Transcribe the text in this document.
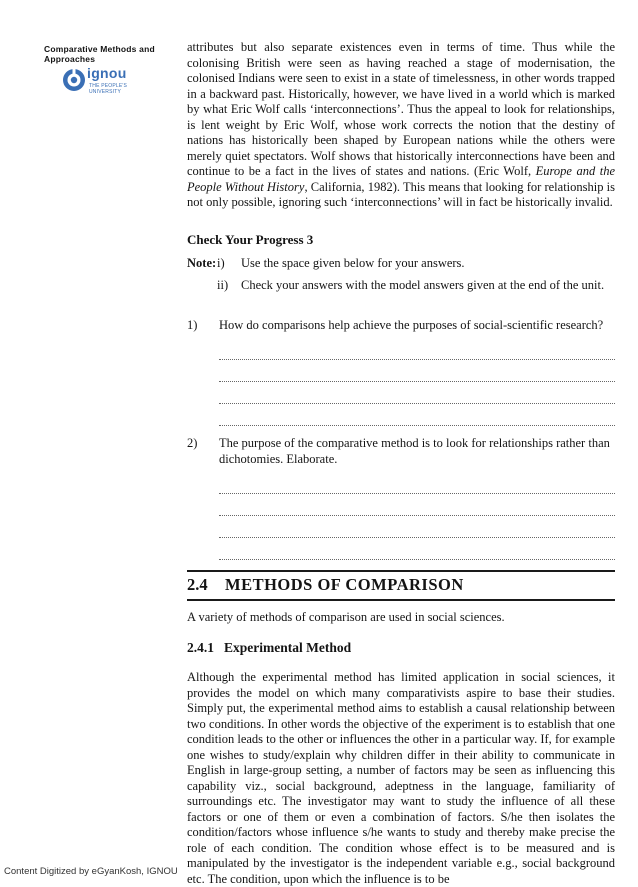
Comparative Methods and Approaches
ignou
THE PEOPLE'S
UNIVERSITY

attributes but also separate existences even in terms of time. Thus while the colonising British were seen as having reached a stage of modernisation, the colonised Indians were seen to exist in a state of timelessness, in other words trapped in a backward past. Historically, however, we have lived in a world which is marked by what Eric Wolf calls ‘interconnections’. Thus the appeal to look for relationships, is lent weight by Eric Wolf, whose work corrects the notion that the destiny of nations has historically been shaped by European nations while the others were merely quiet spectators. Wolf shows that historically interconnections have been and continue to be a fact in the lives of states and nations. (Eric Wolf, Europe and the People Without History, California, 1982). This means that looking for relationship is not only possible, ignoring such ‘interconnections’ will in fact be historically invalid.

Check Your Progress 3
Note: i) Use the space given below for your answers.
ii) Check your answers with the model answers given at the end of the unit.
1) How do comparisons help achieve the purposes of social-scientific research?
2) The purpose of the comparative method is to look for relationships rather than dichotomies. Elaborate.
2.4 METHODS OF COMPARISON

A variety of methods of comparison are used in social sciences.

2.4.1 Experimental Method

Although the experimental method has limited application in social sciences, it provides the model on which many comparativists aspire to base their studies. Simply put, the experimental method aims to establish a causal relationship between two conditions. In other words the objective of the experiment is to establish that one condition leads to the other or influences the other in a particular way. If, for example one wishes to study/explain why children differ in their ability to communicate in English in large-group setting, a number of factors may be seen as influencing this capability viz., social background, adeptness in the language, familiarity of surroundings etc. The investigator may want to study the influence of all these factors or one of them or even a combination of factors. S/he then isolates the condition/factors whose influence s/he wants to study and thereby make precise the role of each condition. The condition whose effect is to be measured and is manipulated by the investigator is the independent variable e.g., social background etc. The condition, upon which the influence is to be

Content Digitized by eGyanKosh, IGNOU
